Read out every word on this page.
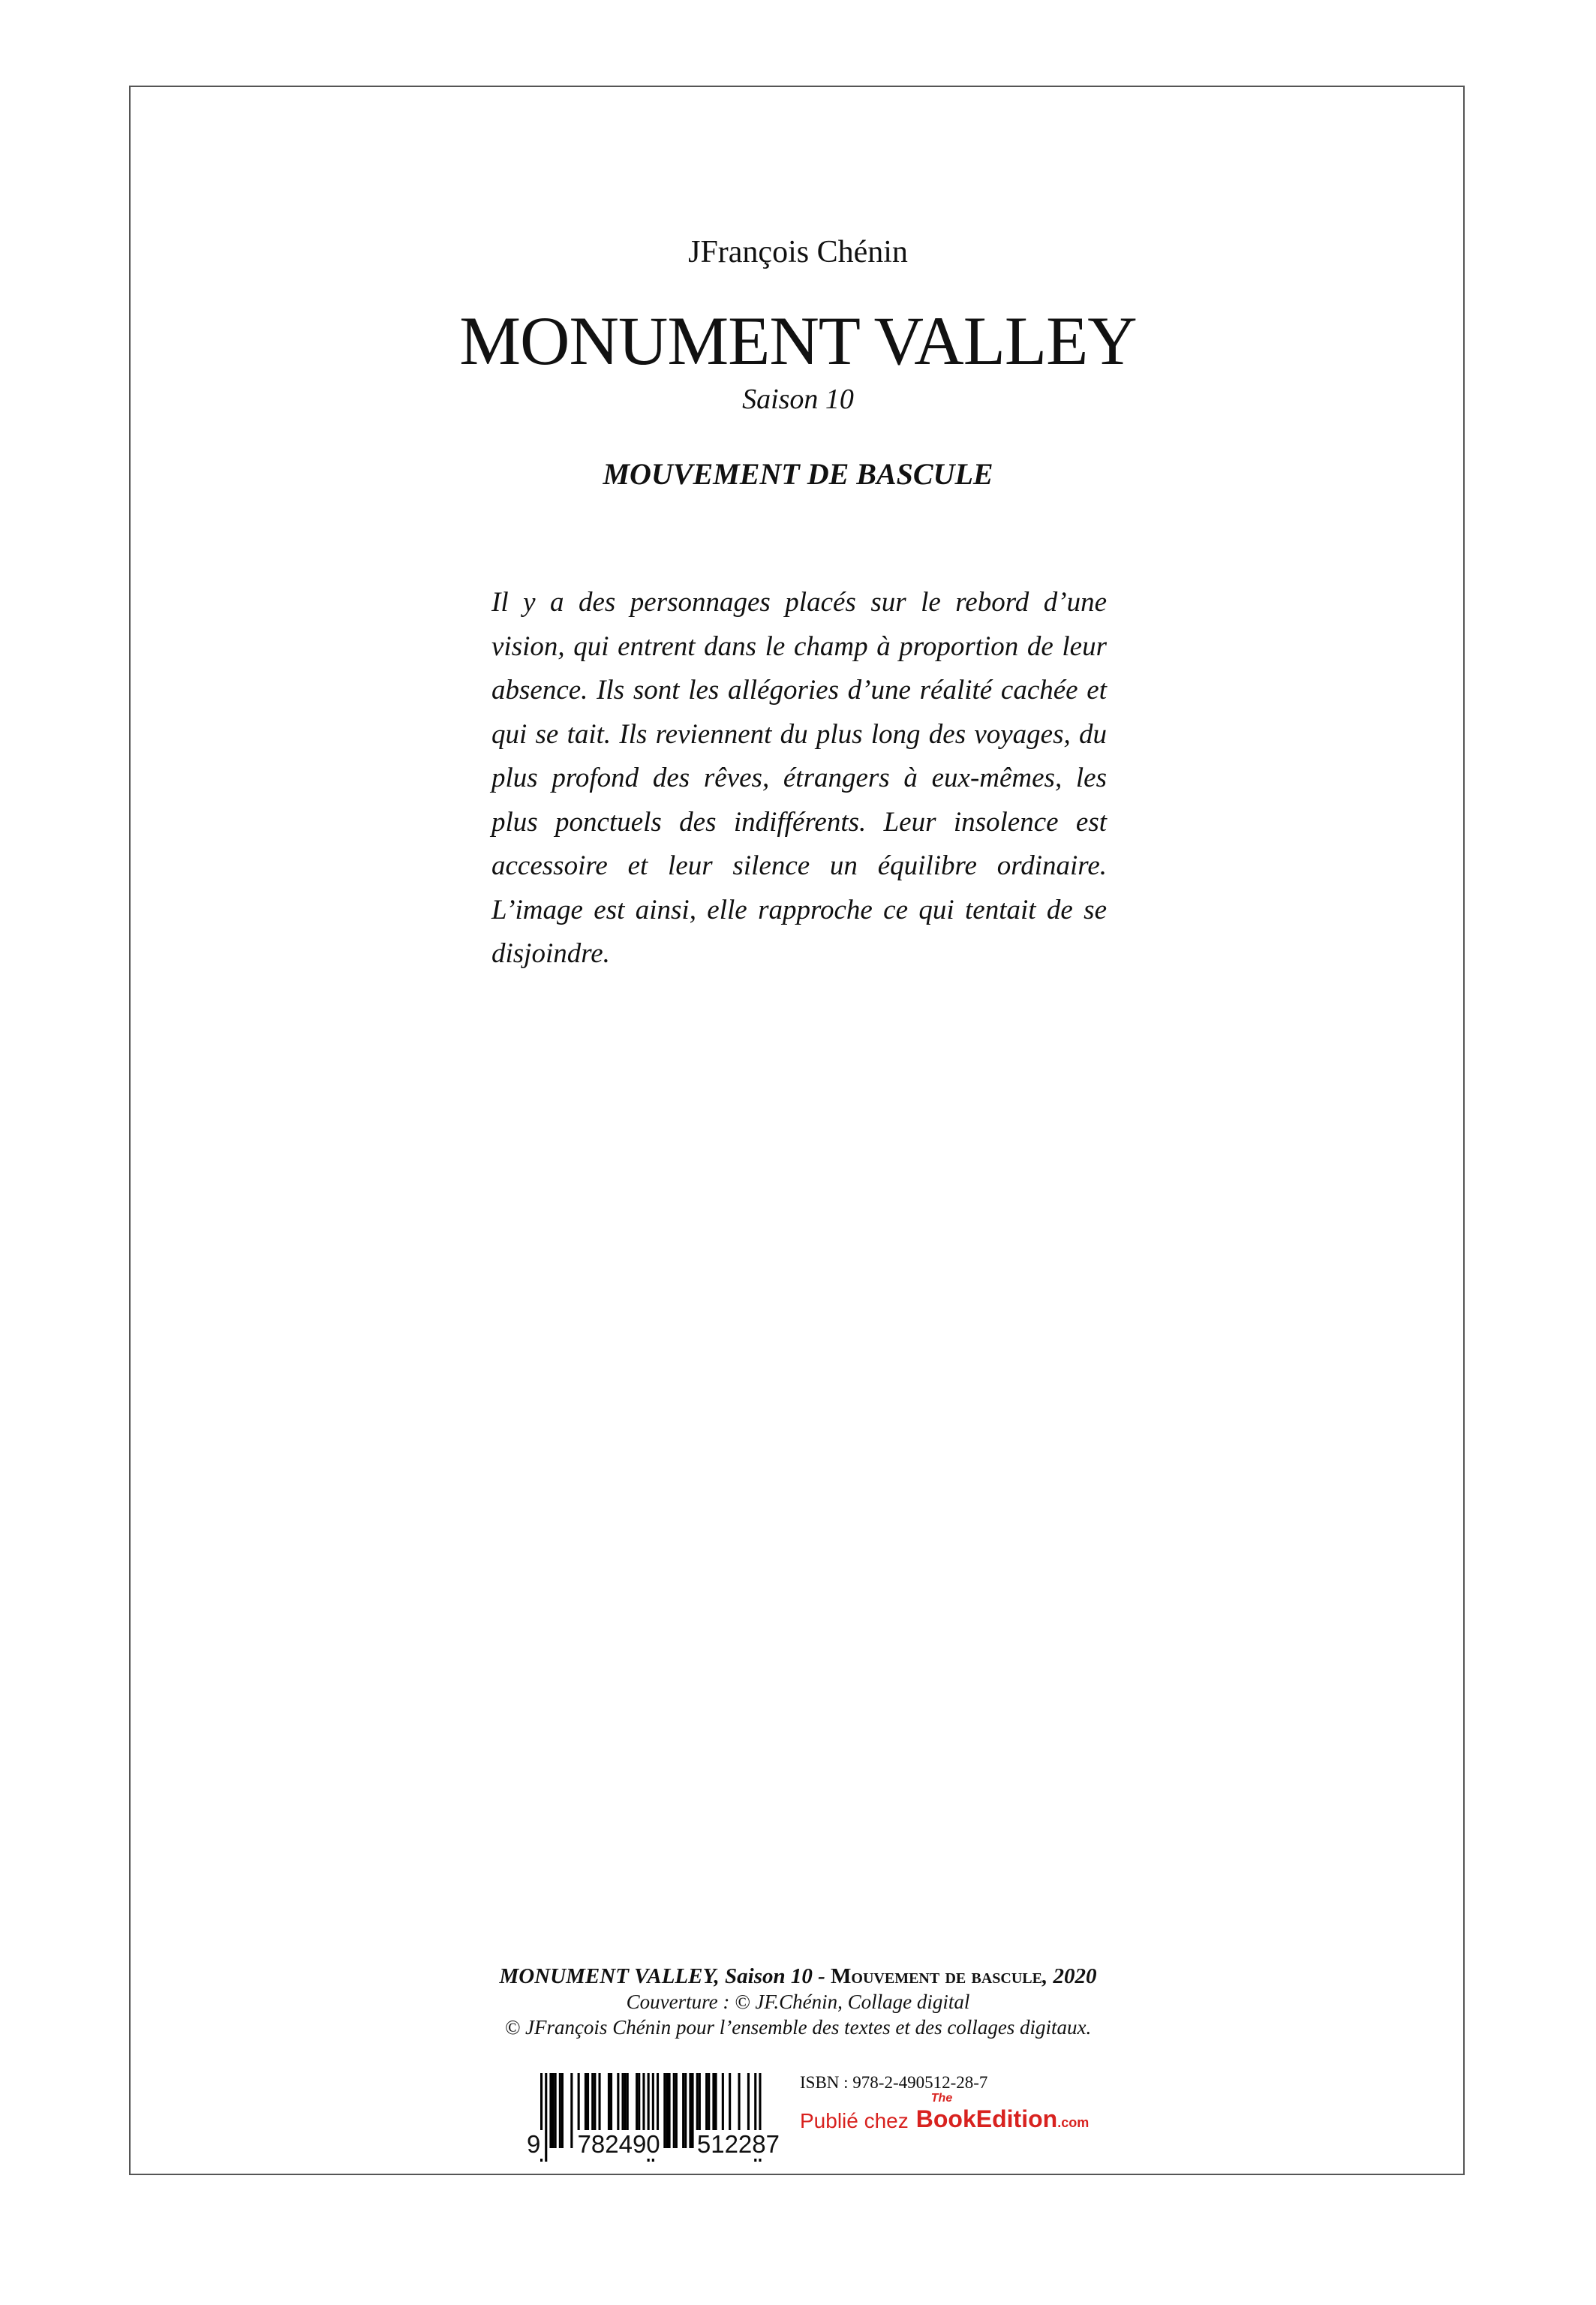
JFrançois Chénin
MONUMENT VALLEY
Saison 10
MOUVEMENT DE BASCULE

Il y a des personnages placés sur le rebord d’une vision, qui entrent dans le champ à proportion de leur absence. Ils sont les allégories d’une réalité cachée et qui se tait. Ils reviennent du plus long des voyages, du plus profond des rêves, étrangers à eux-mêmes, les plus ponctuels des indifférents. Leur insolence est accessoire et leur silence un équilibre ordinaire. L’image est ainsi, elle rapproche ce qui tentait de se disjoindre.

MONUMENT VALLEY, Saison 10 - Mouvement de bascule, 2020
Couverture : © JF.Chénin, Collage digital
© JFrançois Chénin pour l’ensemble des textes et des collages digitaux.
9 782490 512287
ISBN : 978-2-490512-28-7
Publié chez
The
BookEdition.com
